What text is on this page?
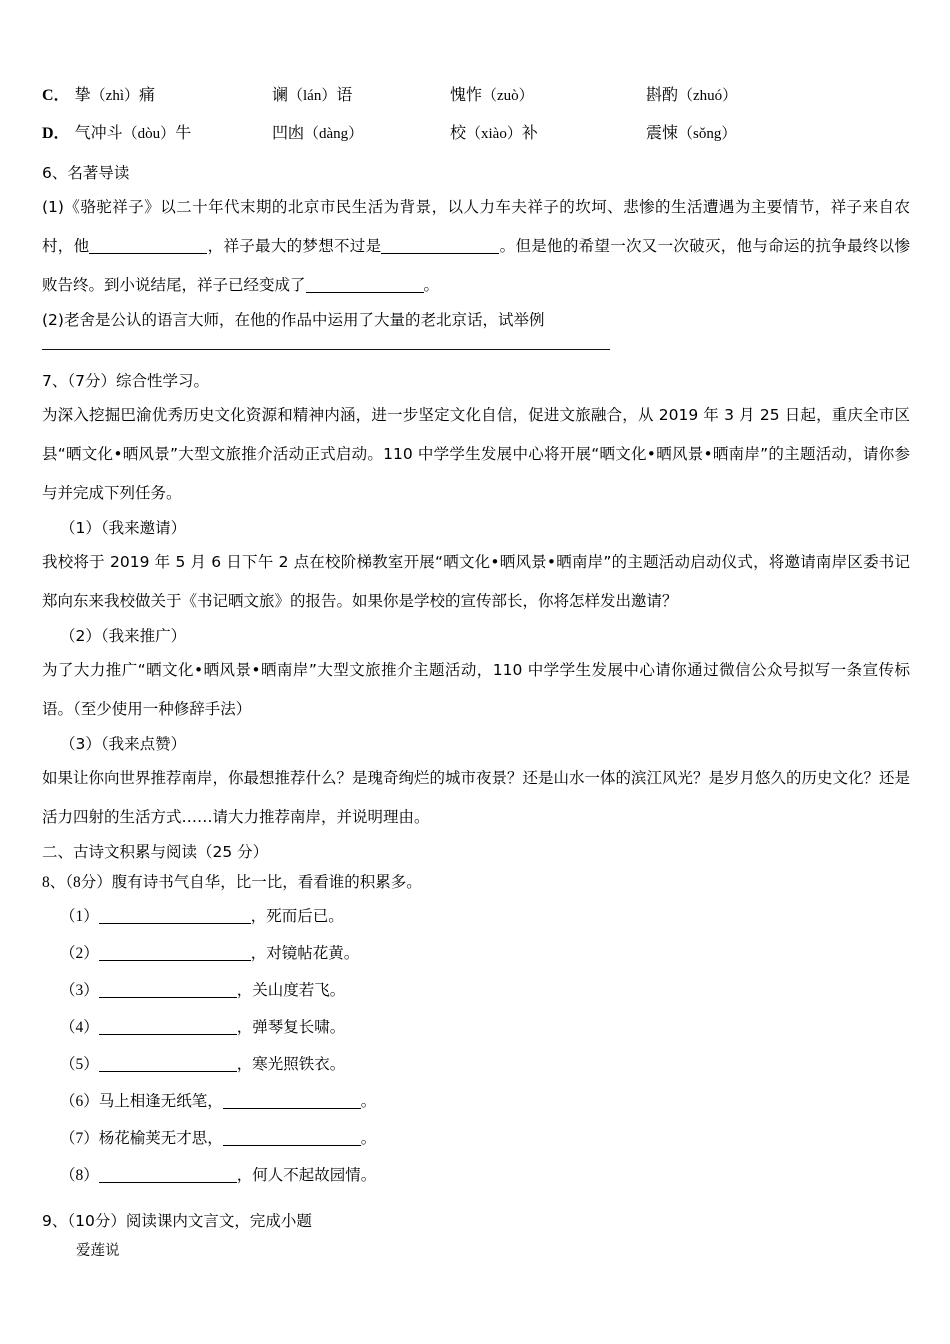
C． 挚（zhì）痛	谰（lán）语	愧怍（zuò）	斟酌（zhuó）
D． 气冲斗（dòu）牛	凹凼（dàng）	校（xiào）补	震悚（sǒng）
6、名著导读
(1)《骆驼祥子》以二十年代末期的北京市民生活为背景，以人力车夫祥子的坎坷、悲惨的生活遭遇为主要情节，祥子来自农村，他	，祥子最大的梦想不过是	。但是他的希望一次又一次破灭，他与命运的抗争最终以惨败告终。到小说结尾，祥子已经变成了	。
(2)老舍是公认的语言大师，在他的作品中运用了大量的老北京话，试举例
7、（7分）综合性学习。
为深入挖掘巴渝优秀历史文化资源和精神内涵，进一步坚定文化自信，促进文旅融合，从 2019 年 3 月 25 日起，重庆全市区县“晒文化•晒风景”大型文旅推介活动正式启动。110 中学学生发展中心将开展“晒文化•晒风景•晒南岸”的主题活动，请你参与并完成下列任务。
（1）（我来邀请）
我校将于 2019 年 5 月 6 日下午 2 点在校阶梯教室开展“晒文化•晒风景•晒南岸”的主题活动启动仪式，将邀请南岸区委书记郑向东来我校做关于《书记晒文旅》的报告。如果你是学校的宣传部长，你将怎样发出邀请？
（2）（我来推广）
为了大力推广“晒文化•晒风景•晒南岸”大型文旅推介主题活动，110 中学学生发展中心请你通过微信公众号拟写一条宣传标语。（至少使用一种修辞手法）
（3）（我来点赞）
如果让你向世界推荐南岸，你最想推荐什么？是瑰奇绚烂的城市夜景？还是山水一体的滨江风光？是岁月悠久的历史文化？还是活力四射的生活方式……请大力推荐南岸，并说明理由。
二、古诗文积累与阅读（25 分）
8、（8分）腹有诗书气自华，比一比，看看谁的积累多。
（1）	，死而后已。
（2）	，对镜帖花黄。
（3）	，关山度若飞。
（4）	，弹琴复长啸。
（5）	，寒光照铁衣。
（6）马上相逢无纸笔，	。
（7）杨花榆荚无才思，	。
（8）	，何人不起故园情。
9、（10分）阅读课内文言文，完成小题
爱莲说
